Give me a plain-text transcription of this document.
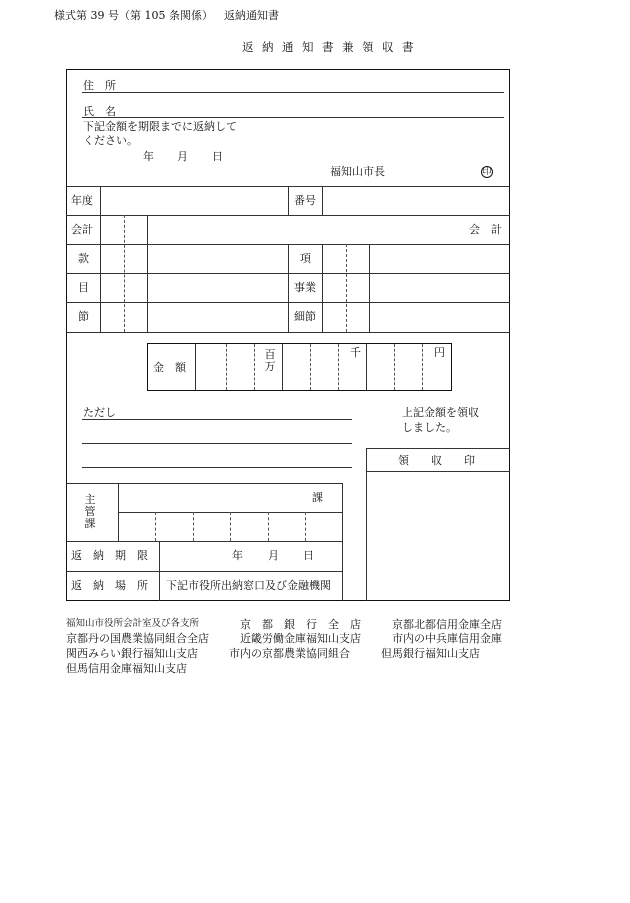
様式第 39 号（第 105 条関係） 返納通知書
返納通知書兼領収書
住　所
氏　名
下記金額を期限までに返納して
ください。
年 月 日
福知山市長	印
年度	番号
会計	会　計
款	項
目	事業
節	細節
金　額
百万
千	円
ただし	上記金額を領収
しました。
領　　収　　印
主管課
課
返　納　期　限	年 月 日
返　納　場　所 下記市役所出納窓口及び金融機関
福知山市役所会計室及び各支所	京　都　銀　行　全　店	京都北都信用金庫全店
京都丹の国農業協同組合全店	近畿労働金庫福知山支店	市内の中兵庫信用金庫
関西みらい銀行福知山支店	市内の京都農業協同組合	但馬銀行福知山支店
但馬信用金庫福知山支店
